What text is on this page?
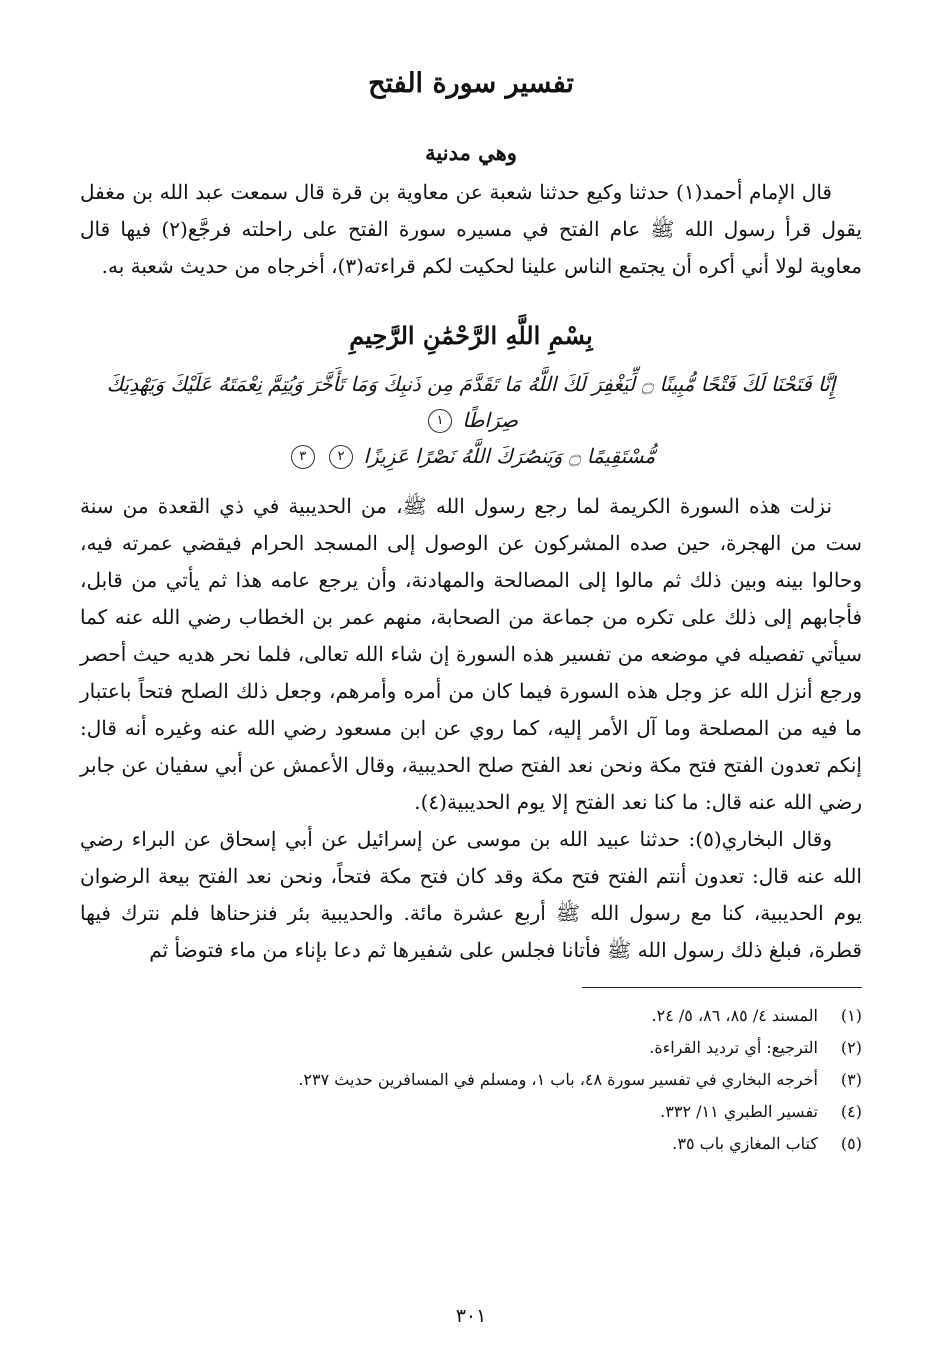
تفسير سورة الفتح
وهي مدنية

قال الإمام أحمد(١) حدثنا وكيع حدثنا شعبة عن معاوية بن قرة قال سمعت عبد الله بن مغفل يقول قرأ رسول الله ﷺ عام الفتح في مسيره سورة الفتح على راحلته فرجَّع(٢) فيها قال معاوية لولا أني أكره أن يجتمع الناس علينا لحكيت لكم قراءته(٣)، أخرجاه من حديث شعبة به.

بِسْمِ اللَّهِ الرَّحْمَٰنِ الرَّحِيمِ
إِنَّا فَتَحْنَا لَكَ فَتْحًا مُّبِينًا ۝ لِّيَغْفِرَ لَكَ اللَّهُ مَا تَقَدَّمَ مِن ذَنبِكَ وَمَا تَأَخَّرَ وَيُتِمَّ نِعْمَتَهُ عَلَيْكَ وَيَهْدِيَكَ صِرَاطًا ١
مُّسْتَقِيمًا ۝ وَيَنصُرَكَ اللَّهُ نَصْرًا عَزِيزًا ٢ ٣

نزلت هذه السورة الكريمة لما رجع رسول الله ﷺ، من الحديبية في ذي القعدة من سنة ست من الهجرة، حين صده المشركون عن الوصول إلى المسجد الحرام فيقضي عمرته فيه، وحالوا بينه وبين ذلك ثم مالوا إلى المصالحة والمهادنة، وأن يرجع عامه هذا ثم يأتي من قابل، فأجابهم إلى ذلك على تكره من جماعة من الصحابة، منهم عمر بن الخطاب رضي الله عنه كما سيأتي تفصيله في موضعه من تفسير هذه السورة إن شاء الله تعالى، فلما نحر هديه حيث أحصر ورجع أنزل الله عز وجل هذه السورة فيما كان من أمره وأمرهم، وجعل ذلك الصلح فتحاً باعتبار ما فيه من المصلحة وما آل الأمر إليه، كما روي عن ابن مسعود رضي الله عنه وغيره أنه قال: إنكم تعدون الفتح فتح مكة ونحن نعد الفتح صلح الحديبية، وقال الأعمش عن أبي سفيان عن جابر رضي الله عنه قال: ما كنا نعد الفتح إلا يوم الحديبية(٤).

وقال البخاري(٥): حدثنا عبيد الله بن موسى عن إسرائيل عن أبي إسحاق عن البراء رضي الله عنه قال: تعدون أنتم الفتح فتح مكة وقد كان فتح مكة فتحاً، ونحن نعد الفتح بيعة الرضوان يوم الحديبية، كنا مع رسول الله ﷺ أربع عشرة مائة. والحديبية بئر فنزحناها فلم نترك فيها قطرة، فبلغ ذلك رسول الله ﷺ فأتانا فجلس على شفيرها ثم دعا بإناء من ماء فتوضأ ثم

(١)
المسند ٤/ ٨٥، ٨٦، ٥/ ٢٤.
(٢)
الترجيع: أي ترديد القراءة.
(٣)
أخرجه البخاري في تفسير سورة ٤٨، باب ١، ومسلم في المسافرين حديث ٢٣٧.
(٤)
تفسير الطبري ١١/ ٣٣٢.
(٥)
كتاب المغازي باب ٣٥.
٣٠١
